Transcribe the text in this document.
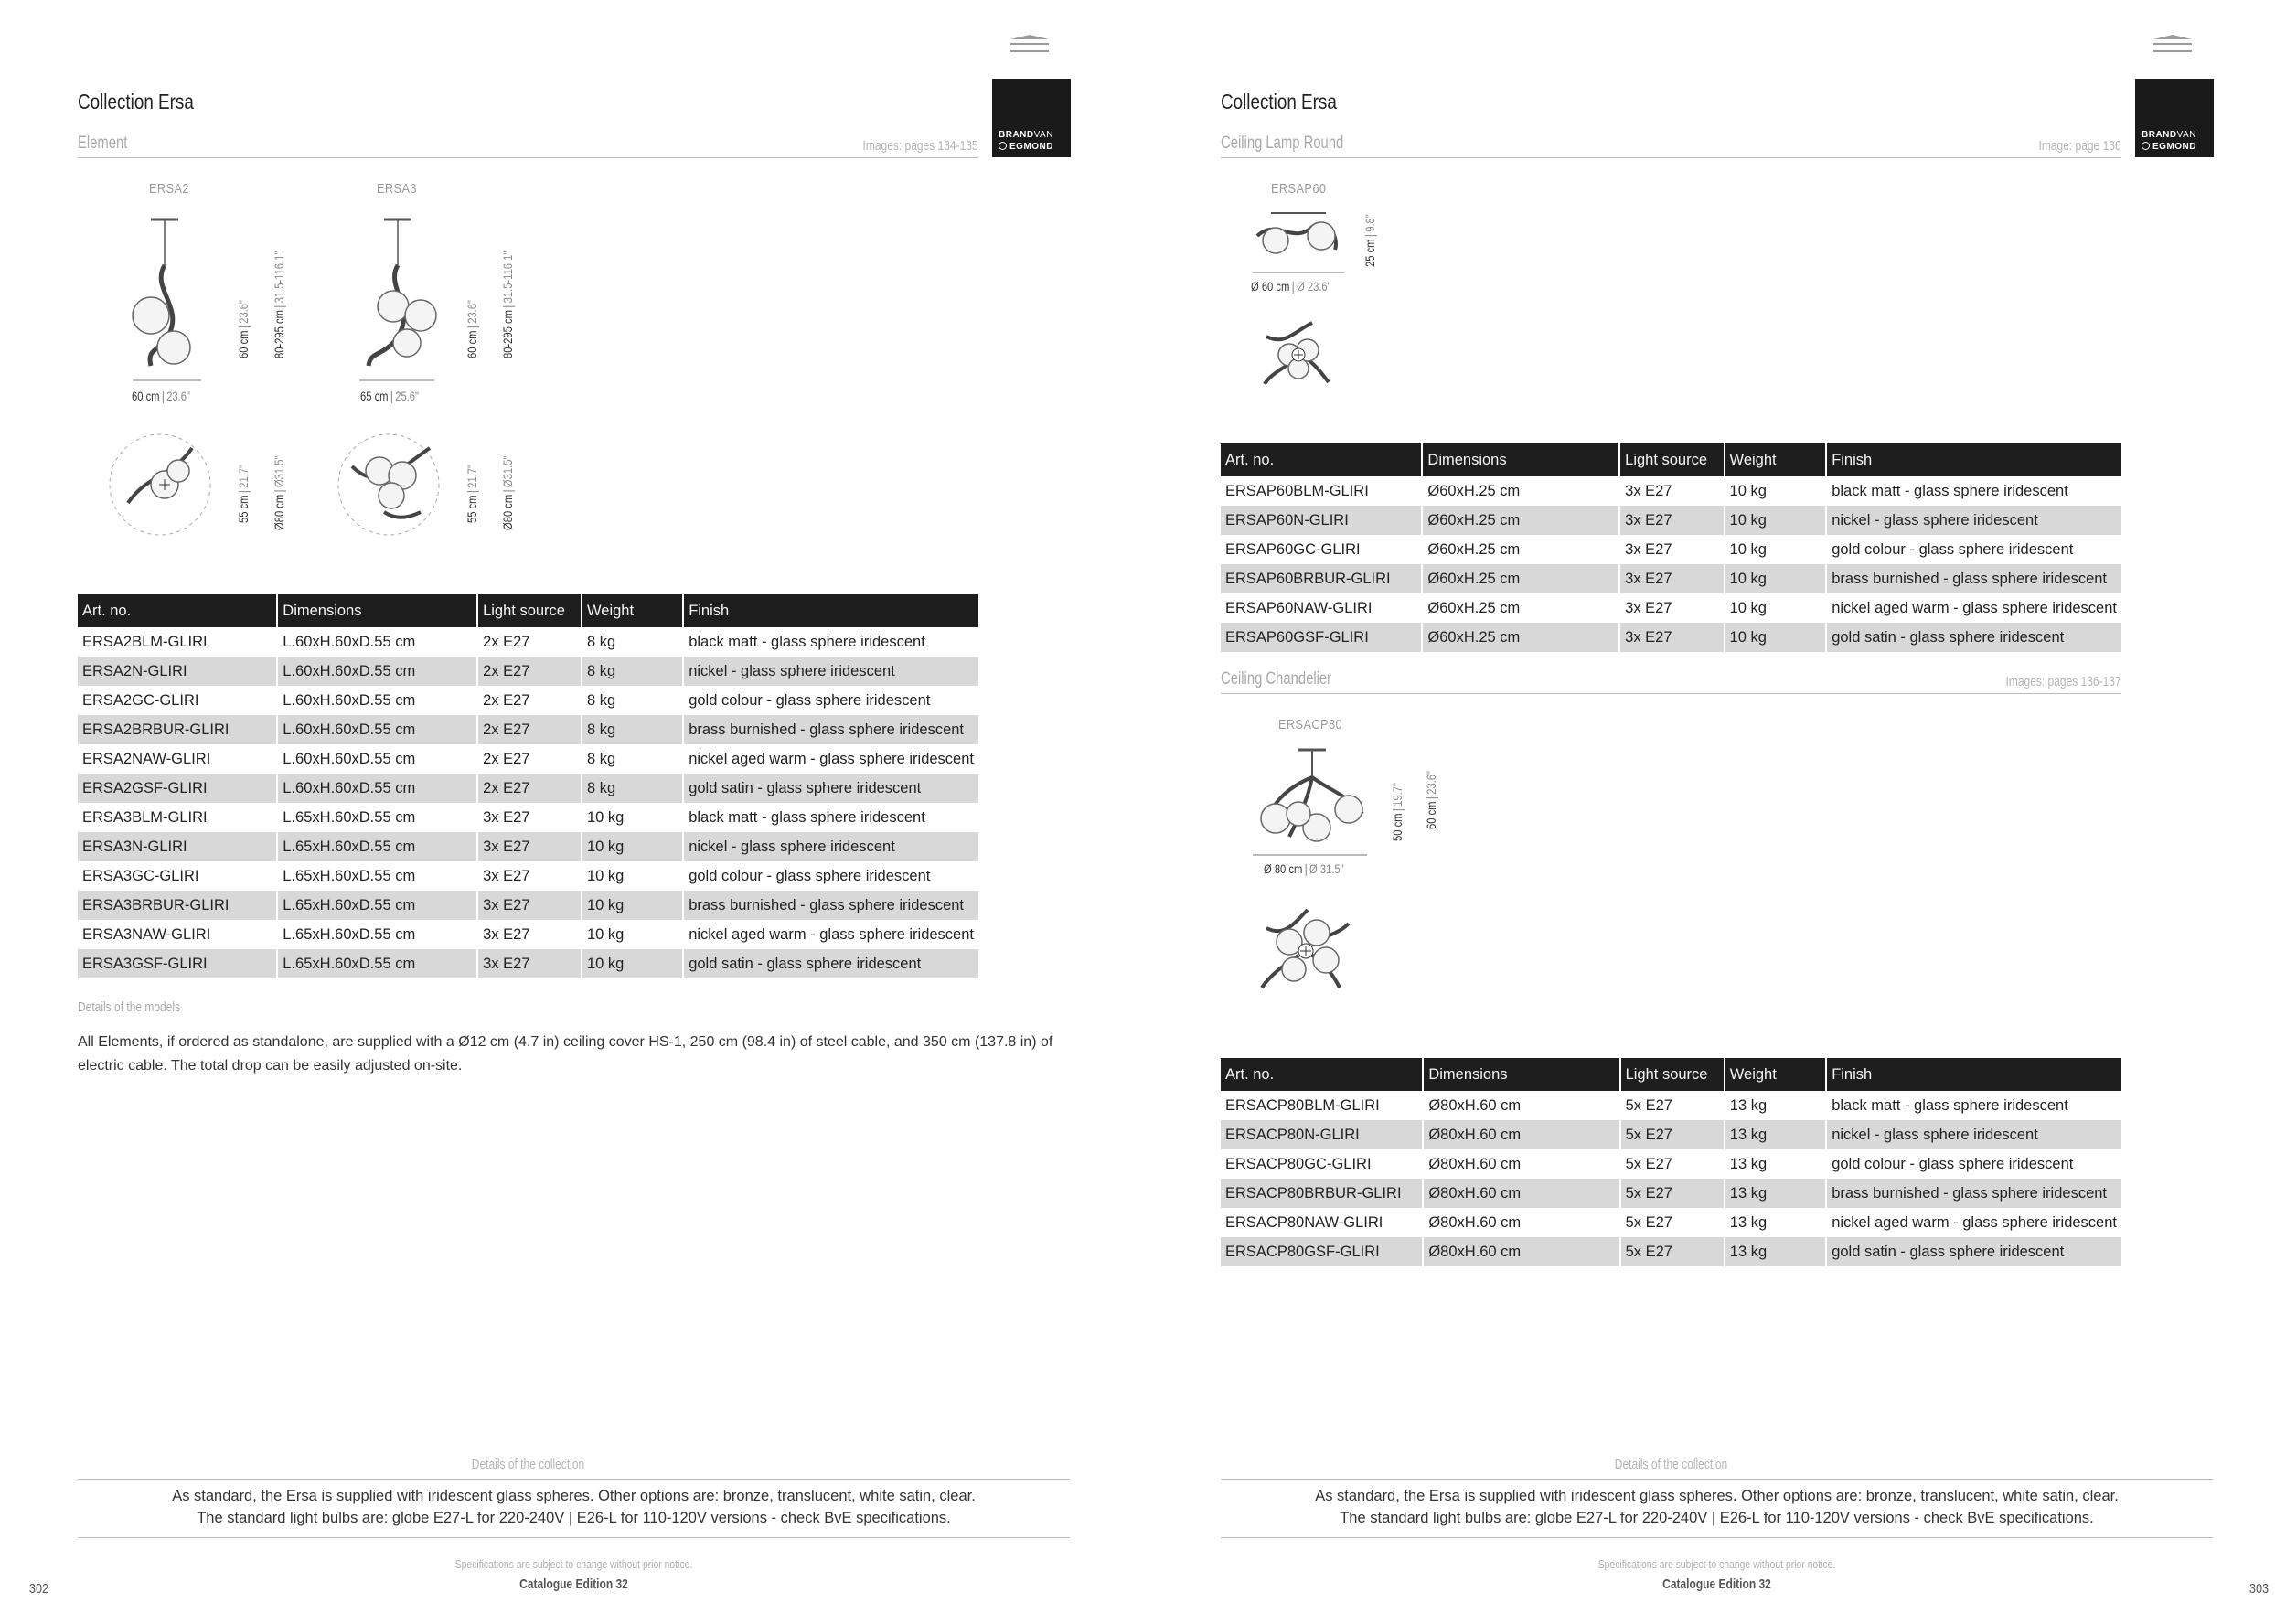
BRANDVAN
EGMOND
Collection Ersa
Element	Images: pages 134-135
ERSA2
60 cm | 23.6"
60 cm|23.6" 80-295 cm|31.5-116.1"
55 cm|21.7"
Ø80 cm|Ø31.5"
ERSA3
65 cm | 25.6"
60 cm|23.6" 80-295 cm|31.5-116.1"
55 cm|21.7"
Ø80 cm|Ø31.5"
Art. no.	Dimensions	Light source	Weight	Finish
ERSA2BLM-GLIRI	L.60xH.60xD.55 cm	2x E27	8 kg	black matt - glass sphere iridescent
ERSA2N-GLIRI	L.60xH.60xD.55 cm	2x E27	8 kg	nickel - glass sphere iridescent
ERSA2GC-GLIRI	L.60xH.60xD.55 cm	2x E27	8 kg	gold colour - glass sphere iridescent
ERSA2BRBUR-GLIRI	L.60xH.60xD.55 cm	2x E27	8 kg	brass burnished - glass sphere iridescent
ERSA2NAW-GLIRI	L.60xH.60xD.55 cm	2x E27	8 kg	nickel aged warm - glass sphere iridescent
ERSA2GSF-GLIRI	L.60xH.60xD.55 cm	2x E27	8 kg	gold satin - glass sphere iridescent
ERSA3BLM-GLIRI	L.65xH.60xD.55 cm	3x E27	10 kg	black matt - glass sphere iridescent
ERSA3N-GLIRI	L.65xH.60xD.55 cm	3x E27	10 kg	nickel - glass sphere iridescent
ERSA3GC-GLIRI	L.65xH.60xD.55 cm	3x E27	10 kg	gold colour - glass sphere iridescent
ERSA3BRBUR-GLIRI	L.65xH.60xD.55 cm	3x E27	10 kg	brass burnished - glass sphere iridescent
ERSA3NAW-GLIRI	L.65xH.60xD.55 cm	3x E27	10 kg	nickel aged warm - glass sphere iridescent
ERSA3GSF-GLIRI	L.65xH.60xD.55 cm	3x E27	10 kg	gold satin - glass sphere iridescent
Details of the models
All Elements, if ordered as standalone, are supplied with a Ø12 cm (4.7 in) ceiling cover HS-1, 250 cm (98.4 in) of steel cable, and 350 cm (137.8 in) of electric cable. The total drop can be easily adjusted on-site.
Details of the collection
As standard, the Ersa is supplied with iridescent glass spheres. Other options are: bronze, translucent, white satin, clear.
The standard light bulbs are: globe E27-L for 220-240V | E26-L for 110-120V versions - check BvE specifications.
Specifications are subject to change without prior notice.
Catalogue Edition 32
302
BRANDVAN
EGMOND
Collection Ersa
Ceiling Lamp Round	Image: page 136
ERSAP60
Ø 60 cm | Ø 23.6"
25 cm|9.8"
Art. no.	Dimensions	Light source	Weight	Finish
ERSAP60BLM-GLIRI	Ø60xH.25 cm	3x E27	10 kg	black matt - glass sphere iridescent
ERSAP60N-GLIRI	Ø60xH.25 cm	3x E27	10 kg	nickel - glass sphere iridescent
ERSAP60GC-GLIRI	Ø60xH.25 cm	3x E27	10 kg	gold colour - glass sphere iridescent
ERSAP60BRBUR-GLIRI	Ø60xH.25 cm	3x E27	10 kg	brass burnished - glass sphere iridescent
ERSAP60NAW-GLIRI	Ø60xH.25 cm	3x E27	10 kg	nickel aged warm - glass sphere iridescent
ERSAP60GSF-GLIRI	Ø60xH.25 cm	3x E27	10 kg	gold satin - glass sphere iridescent
Ceiling Chandelier	Images: pages 136-137
ERSACP80
Ø 80 cm | Ø 31.5"
50 cm|19.7"
60 cm|23.6"
Art. no.	Dimensions	Light source	Weight	Finish
ERSACP80BLM-GLIRI	Ø80xH.60 cm	5x E27	13 kg	black matt - glass sphere iridescent
ERSACP80N-GLIRI	Ø80xH.60 cm	5x E27	13 kg	nickel - glass sphere iridescent
ERSACP80GC-GLIRI	Ø80xH.60 cm	5x E27	13 kg	gold colour - glass sphere iridescent
ERSACP80BRBUR-GLIRI	Ø80xH.60 cm	5x E27	13 kg	brass burnished - glass sphere iridescent
ERSACP80NAW-GLIRI	Ø80xH.60 cm	5x E27	13 kg	nickel aged warm - glass sphere iridescent
ERSACP80GSF-GLIRI	Ø80xH.60 cm	5x E27	13 kg	gold satin - glass sphere iridescent
Details of the collection
As standard, the Ersa is supplied with iridescent glass spheres. Other options are: bronze, translucent, white satin, clear.
The standard light bulbs are: globe E27-L for 220-240V | E26-L for 110-120V versions - check BvE specifications.
Specifications are subject to change without prior notice.
Catalogue Edition 32	303
